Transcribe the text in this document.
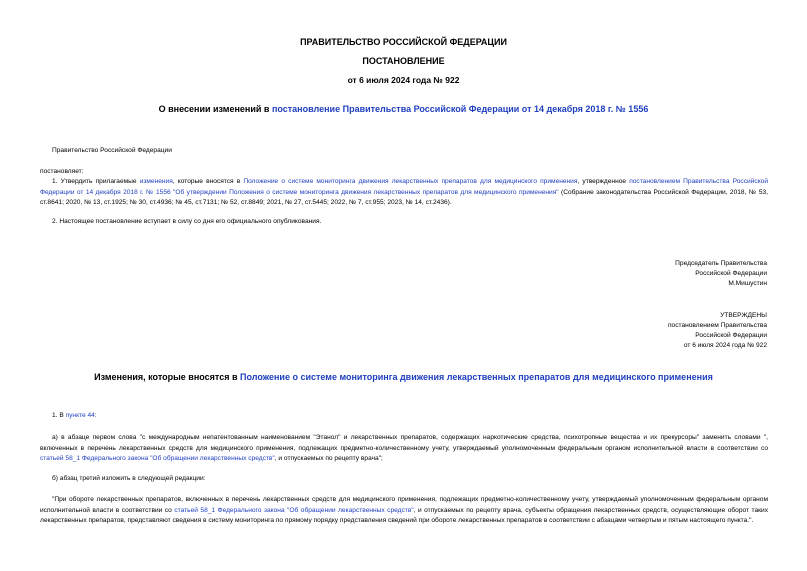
ПРАВИТЕЛЬСТВО РОССИЙСКОЙ ФЕДЕРАЦИИ
ПОСТАНОВЛЕНИЕ
от 6 июля 2024 года № 922
О внесении изменений в постановление Правительства Российской Федерации от 14 декабря 2018 г. № 1556
Правительство Российской Федерации
постановляет:
1. Утвердить прилагаемые изменения, которые вносятся в Положение о системе мониторинга движения лекарственных препаратов для медицинского применения, утвержденное постановлением Правительства Российской Федерации от 14 декабря 2018 г. № 1556 "Об утверждении Положения о системе мониторинга движения лекарственных препаратов для медицинского применения" (Собрание законодательства Российской Федерации, 2018, № 53, ст.8641; 2020, № 13, ст.1925; № 30, ст.4936; № 45, ст.7131; № 52, ст.8849; 2021, № 27, ст.5445; 2022, № 7, ст.955; 2023, № 14, ст.2436).
2. Настоящее постановление вступает в силу со дня его официального опубликования.
Председатель Правительства
Российской Федерации
М.Мишустин
УТВЕРЖДЕНЫ
постановлением Правительства
Российской Федерации
от 6 июля 2024 года № 922
Изменения, которые вносятся в Положение о системе мониторинга движения лекарственных препаратов для медицинского применения
1. В пункте 44:
а) в абзаце первом слова "с международным непатентованным наименованием "Этанол" и лекарственных препаратов, содержащих наркотические средства, психотропные вещества и их прекурсоры" заменить словами ", включенных в перечень лекарственных средств для медицинского применения, подлежащих предметно-количественному учету, утверждаемый уполномоченным федеральным органом исполнительной власти в соответствии со статьей 58_1 Федерального закона "Об обращении лекарственных средств", и отпускаемых по рецепту врача";
б) абзац третий изложить в следующей редакции:
"При обороте лекарственных препаратов, включенных в перечень лекарственных средств для медицинского применения, подлежащих предметно-количественному учету, утверждаемый уполномоченным федеральным органом исполнительной власти в соответствии со статьей 58_1 Федерального закона "Об обращении лекарственных средств", и отпускаемых по рецепту врача, субъекты обращения лекарственных средств, осуществляющие оборот таких лекарственных препаратов, представляют сведения в систему мониторинга по прямому порядку представления сведений при обороте лекарственных препаратов в соответствии с абзацами четвертым и пятым настоящего пункта.".
